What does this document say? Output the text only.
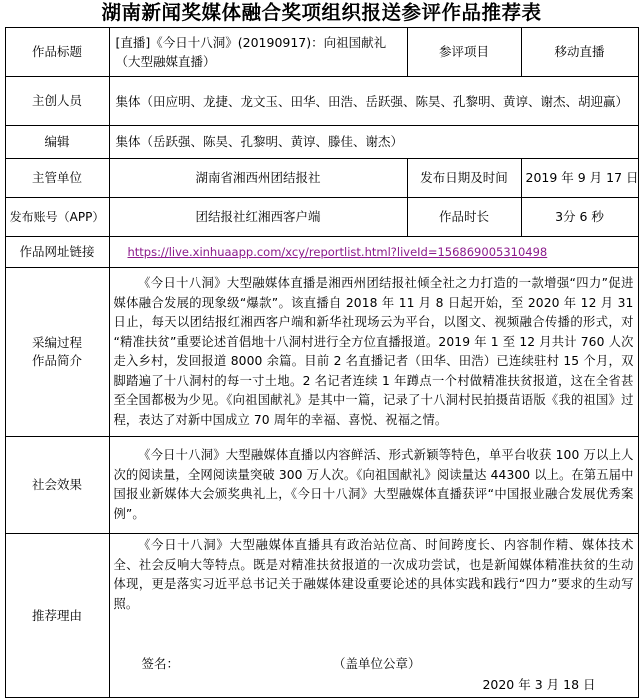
湖南新闻奖媒体融合奖项组织报送参评作品推荐表
作品标题	[直播]《今日十八洞》(20190917)：向祖国献礼（大型融媒直播）	参评项目	移动直播
主创人员	集体（田应明、龙捷、龙文玉、田华、田浩、岳跃强、陈昊、孔黎明、黄谆、谢杰、胡迎赢）		
编辑	集体（岳跃强、陈昊、孔黎明、黄谆、滕佳、谢杰）		
主管单位	湖南省湘西州团结报社	发布日期及时间	2019 年 9 月 17 日
发布账号（APP）	团结报社红湘西客户端	作品时长	3分 6 秒
作品网址链接	https://live.xinhuaapp.com/xcy/reportlist.html?liveId=156869005310498		

采编过程
作品简介	《今日十八洞》大型融媒体直播是湘西州团结报社倾全社之力打造的一款增强“四力”促进媒体融合发展的现象级“爆款”。该直播自 2018 年 11 月 8 日起开始，至 2020 年 12 月 31 日止，每天以团结报红湘西客户端和新华社现场云为平台，以图文、视频融合传播的形式，对“精准扶贫”重要论述首倡地十八洞村进行全方位直播报道。2019 年 1 至 12 月共计 760 人次走入乡村，发回报道 8000 余篇。目前 2 名直播记者（田华、田浩）已连续驻村 15 个月，双脚踏遍了十八洞村的每一寸土地。2 名记者连续 1 年蹲点一个村做精准扶贫报道，这在全省甚至全国都极为少见。《向祖国献礼》是其中一篇，记录了十八洞村民拍摄苗语版《我的祖国》过程，表达了对新中国成立 70 周年的幸福、喜悦、祝福之情。		

社会效果	《今日十八洞》大型融媒体直播以内容鲜活、形式新颖等特色，单平台收获 100 万以上人次的阅读量，全网阅读量突破 300 万人次。《向祖国献礼》阅读量达 44300 以上。在第五届中国报业新媒体大会颁奖典礼上，《今日十八洞》大型融媒体直播获评“中国报业融合发展优秀案例”。		

推荐理由	《今日十八洞》大型融媒体直播具有政治站位高、时间跨度长、内容制作精、媒体技术全、社会反响大等特点。既是对精准扶贫报道的一次成功尝试，也是新闻媒体精准扶贫的生动体现，更是落实习近平总书记关于融媒体建设重要论述的具体实践和践行“四力”要求的生动写照。

签名： （盖单位公章）
2020 年 3 月 18 日		
